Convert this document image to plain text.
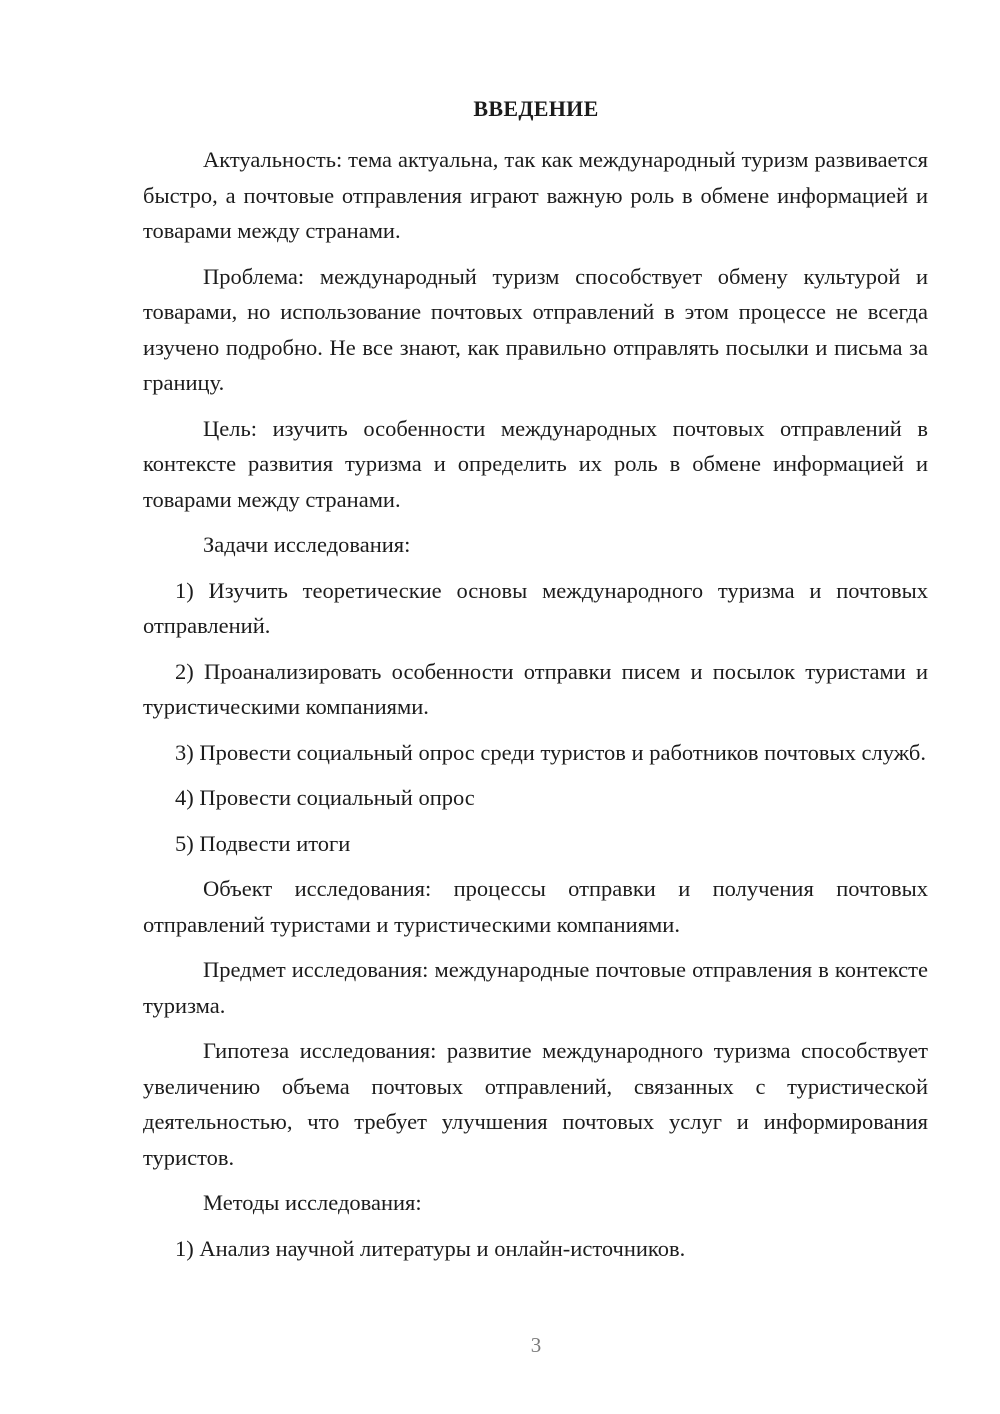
ВВЕДЕНИЕ

Актуальность: тема актуальна, так как международный туризм развивается быстро, а почтовые отправления играют важную роль в обмене информацией и товарами между странами.

Проблема: международный туризм способствует обмену культурой и товарами, но использование почтовых отправлений в этом процессе не всегда изучено подробно. Не все знают, как правильно отправлять посылки и письма за границу.

Цель: изучить особенности международных почтовых отправлений в контексте развития туризма и определить их роль в обмене информацией и товарами между странами.

Задачи исследования:

1) Изучить теоретические основы международного туризма и почтовых отправлений.

2) Проанализировать особенности отправки писем и посылок туристами и туристическими компаниями.

3) Провести социальный опрос среди туристов и работников почтовых служб.

4) Провести социальный опрос

5) Подвести итоги

Объект исследования: процессы отправки и получения почтовых отправлений туристами и туристическими компаниями.

Предмет исследования: международные почтовые отправления в контексте туризма.

Гипотеза исследования: развитие международного туризма способствует увеличению объема почтовых отправлений, связанных с туристической деятельностью, что требует улучшения почтовых услуг и информирования туристов.

Методы исследования:

1) Анализ научной литературы и онлайн-источников.

3
